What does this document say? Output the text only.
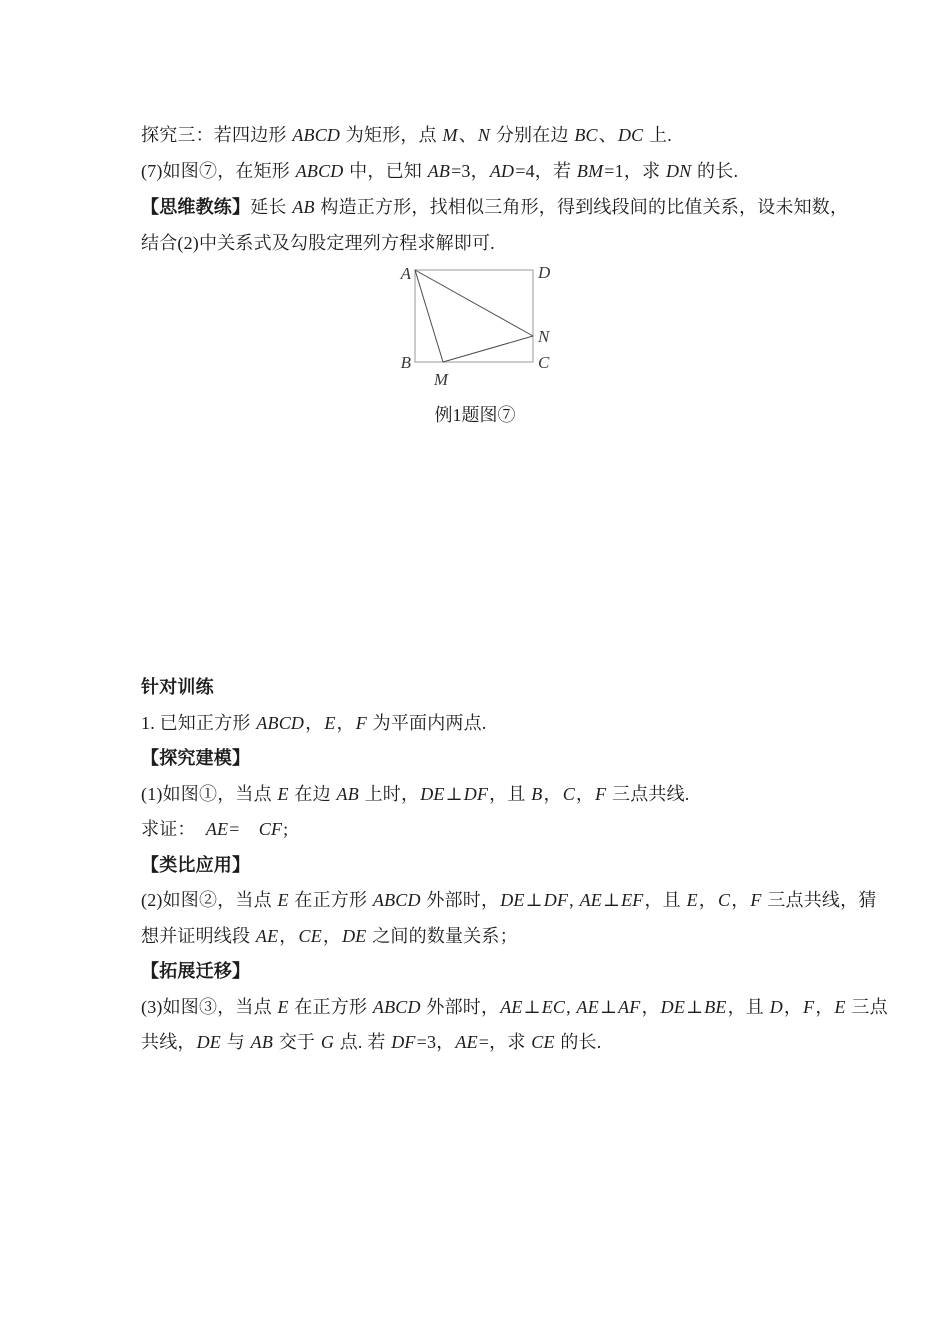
探究三：若四边形 ABCD 为矩形，点 M、N 分别在边 BC、DC 上.

(7)如图⑦，在矩形 ABCD 中，已知 AB=3，AD=4，若 BM=1，求 DN 的长.

【思维教练】延长 AB 构造正方形，找相似三角形，得到线段间的比值关系，设未知数，

结合(2)中关系式及勾股定理列方程求解即可.

A	D
B	C
N
M
例1题图⑦

针对训练

1. 已知正方形 ABCD，E，F 为平面内两点.

【探究建模】

(1)如图①，当点 E 在边 AB 上时，DE⊥DF，且 B，C，F 三点共线.

求证：　AE=　CF;

【类比应用】

(2)如图②，当点 E 在正方形 ABCD 外部时，DE⊥DF, AE⊥EF，且 E，C，F 三点共线，猜

想并证明线段 AE，CE，DE 之间的数量关系；

【拓展迁移】

(3)如图③，当点 E 在正方形 ABCD 外部时，AE⊥EC, AE⊥AF，DE⊥BE，且 D，F，E 三点

共线，DE 与 AB 交于 G 点. 若 DF=3，AE=，求 CE 的长.
